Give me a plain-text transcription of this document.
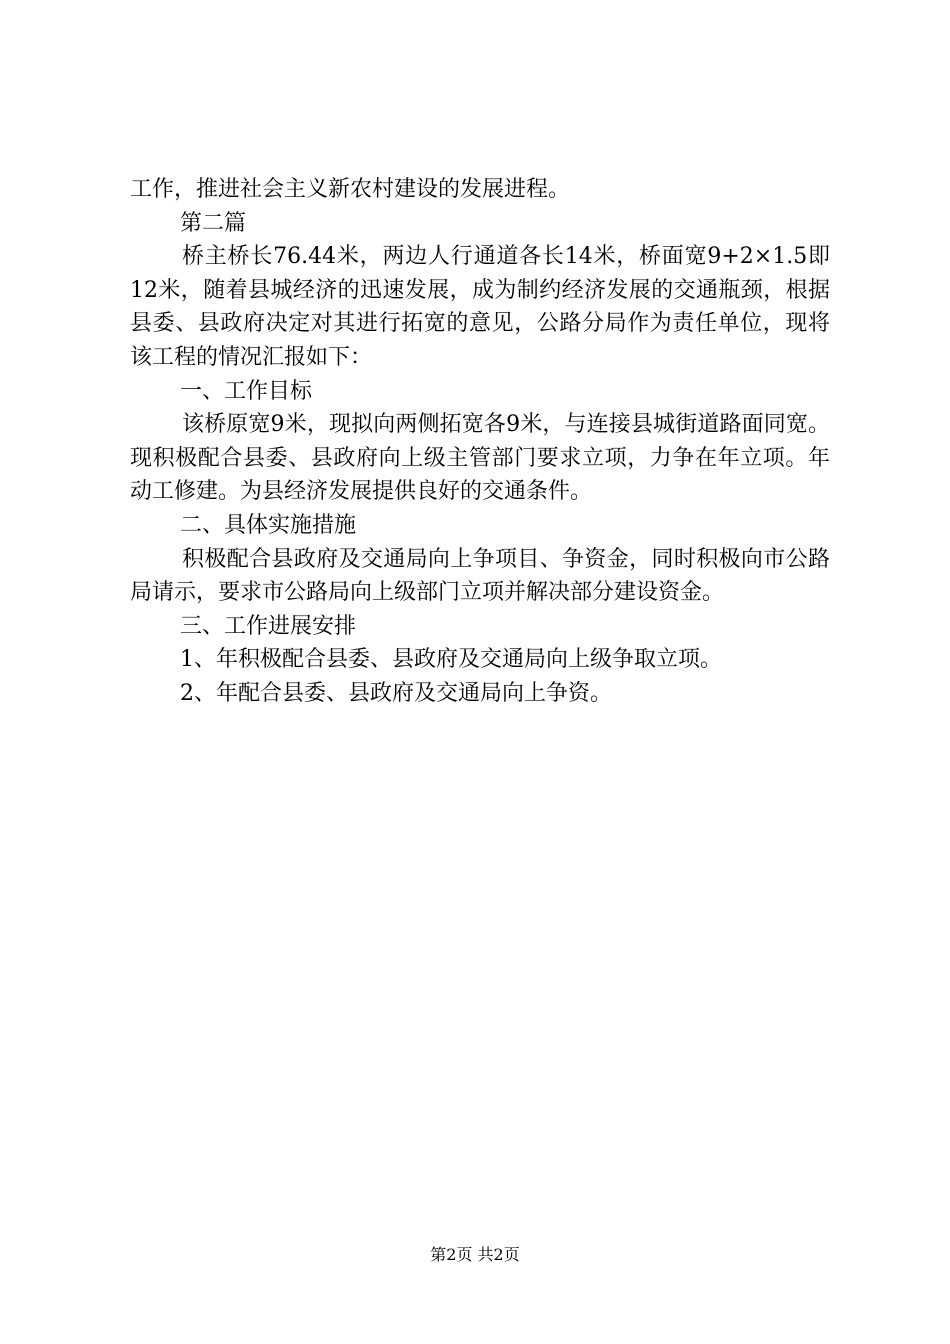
工作，推进社会主义新农村建设的发展进程。

第二篇

桥主桥长76.44米，两边人行通道各长14米，桥面宽9+2×1.5即12米，随着县城经济的迅速发展，成为制约经济发展的交通瓶颈，根据县委、县政府决定对其进行拓宽的意见，公路分局作为责任单位，现将该工程的情况汇报如下：

一、工作目标

该桥原宽9米，现拟向两侧拓宽各9米，与连接县城街道路面同宽。现积极配合县委、县政府向上级主管部门要求立项，力争在年立项。年动工修建。为县经济发展提供良好的交通条件。

二、具体实施措施

积极配合县政府及交通局向上争项目、争资金，同时积极向市公路局请示，要求市公路局向上级部门立项并解决部分建设资金。

三、工作进展安排

1、年积极配合县委、县政府及交通局向上级争取立项。

2、年配合县委、县政府及交通局向上争资。

第2页 共2页
